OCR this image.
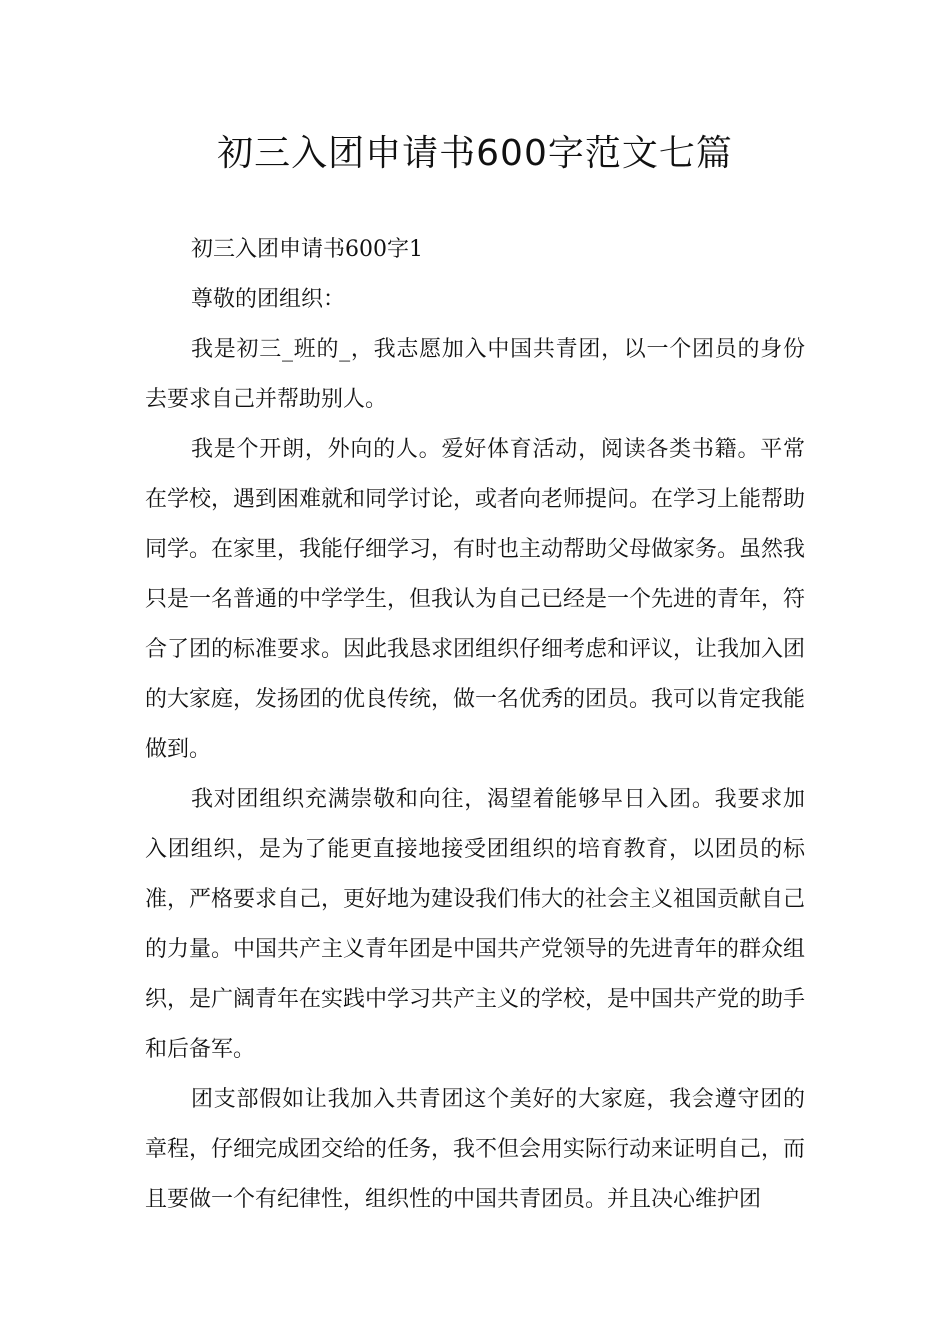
初三入团申请书600字范文七篇

初三入团申请书600字1

尊敬的团组织：

我是初三_班的_，我志愿加入中国共青团，以一个团员的身份去要求自己并帮助别人。

我是个开朗，外向的人。爱好体育活动，阅读各类书籍。平常在学校，遇到困难就和同学讨论，或者向老师提问。在学习上能帮助同学。在家里，我能仔细学习，有时也主动帮助父母做家务。虽然我只是一名普通的中学学生，但我认为自己已经是一个先进的青年，符合了团的标准要求。因此我恳求团组织仔细考虑和评议，让我加入团的大家庭，发扬团的优良传统，做一名优秀的团员。我可以肯定我能做到。

我对团组织充满崇敬和向往，渴望着能够早日入团。我要求加入团组织，是为了能更直接地接受团组织的培育教育，以团员的标准，严格要求自己，更好地为建设我们伟大的社会主义祖国贡献自己的力量。中国共产主义青年团是中国共产党领导的先进青年的群众组织，是广阔青年在实践中学习共产主义的学校，是中国共产党的助手和后备军。

团支部假如让我加入共青团这个美好的大家庭，我会遵守团的章程，仔细完成团交给的任务，我不但会用实际行动来证明自己，而且要做一个有纪律性，组织性的中国共青团员。并且决心维护团
